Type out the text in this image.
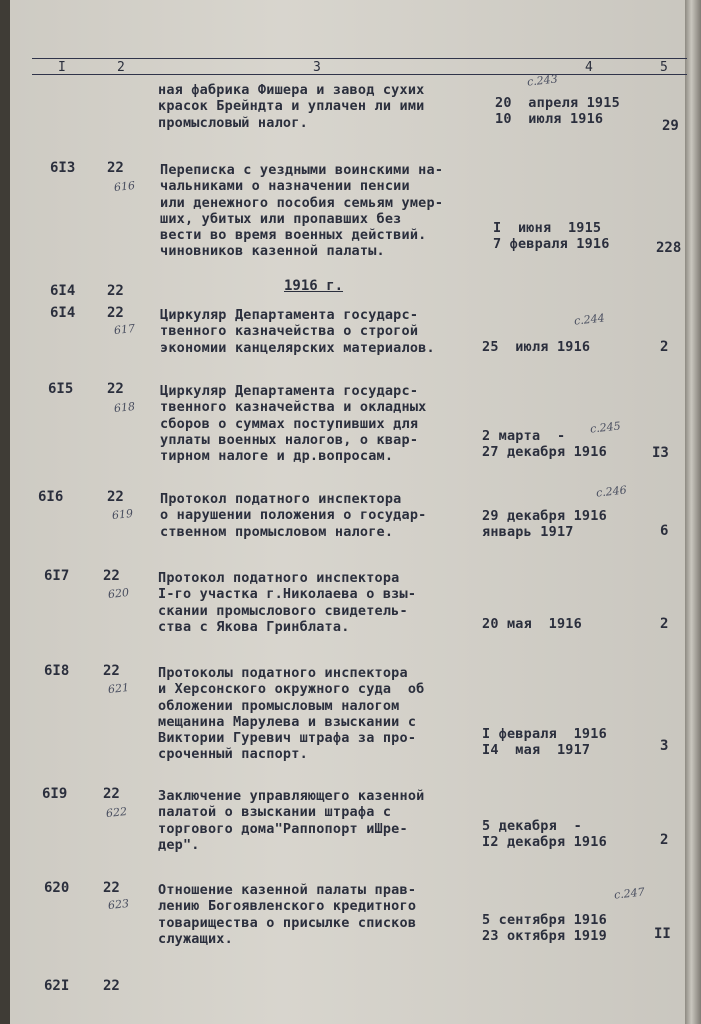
I	2	3	4	5
ная фабрика Фишера и завод сухих
красок Брейндта и уплачен ли ими
промысловый налог.
20  апреля 1915
10  июля 1916	29
с.243
6I3 22
616
Переписка с уездными воинскими на-
чальниками о назначении пенсии
или денежного пособия семьям умер-
ших, убитых или пропавших без
вести во время военных действий.
чиновников казенной палаты.
I  июня  1915
7 февраля 1916	228
6I4 22	1916 г.
6I4 22
617
Циркуляр Департамента государс-
твенного казначейства о строгой
экономии канцелярских материалов.	25  июля 1916	2
с.244
6I5 22
618
Циркуляр Департамента государс-
твенного казначейства и окладных
сборов о суммах поступивших для
уплаты военных налогов, о квар-
тирном налоге и др.вопросам.
2 марта  -
27 декабря 1916	I3
с.245
6I6	22
619
Протокол податного инспектора
о нарушении положения о государ-
ственном промысловом налоге.
29 декабря 1916
январь 1917	6
с.246
6I7 22
620
Протокол податного инспектора
I-го участка г.Николаева о взы-
скании промыслового свидетель-
ства с Якова Гринблата.	20 мая  1916	2
6I8 22
621
Протоколы податного инспектора
и Херсонского окружного суда  об
обложении промысловым налогом
мещанина Марулева и взыскании с
Виктории Гуревич штрафа за про-
сроченный паспорт.
I февраля  1916
I4  мая  1917	3
6I9	22
622
Заключение управляющего казенной
палатой о взыскании штрафа с
торгового дома"Раппопорт иШре-
дер".
5 декабря  -
I2 декабря 1916	2
620 22
623
Отношение казенной палаты прав-
лению Богоявленского кредитного
товарищества о присылке списков
служащих.
5 сентября 1916
23 октября 1919	II
с.247
62I 22
